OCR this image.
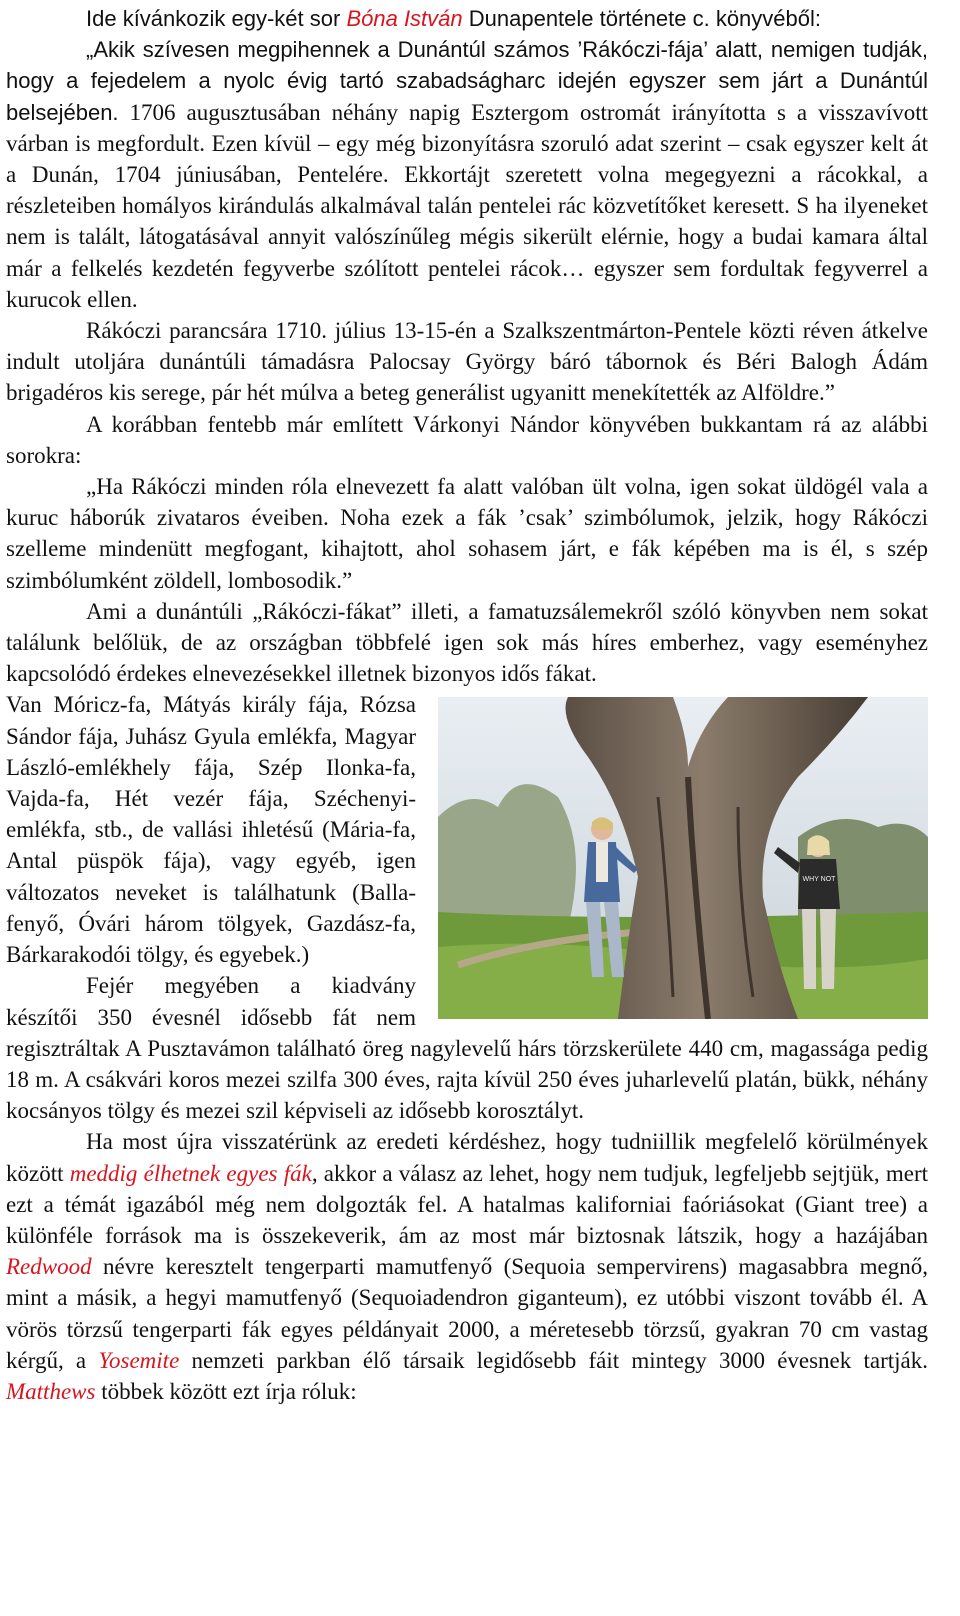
Ide kívánkozik egy-két sor Bóna István Dunapentele története c. könyvéből:

„Akik szívesen megpihennek a Dunántúl számos ’Rákóczi-fája’ alatt, nemigen tudják, hogy a fejedelem a nyolc évig tartó szabadságharc idején egyszer sem járt a Dunántúl belsejében. 1706 augusztusában néhány napig Esztergom ostromát irányította s a visszavívott várban is megfordult. Ezen kívül – egy még bizonyításra szoruló adat szerint – csak egyszer kelt át a Dunán, 1704 júniusában, Pentelére. Ekkortájt szeretett volna megegyezni a rácokkal, a részleteiben homályos kirándulás alkalmával talán pentelei rác közvetítőket keresett. S ha ilyeneket nem is talált, látogatásával annyit valószínűleg mégis sikerült elérnie, hogy a budai kamara által már a felkelés kezdetén fegyverbe szólított pentelei rácok… egyszer sem fordultak fegyverrel a kurucok ellen.

Rákóczi parancsára 1710. július 13-15-én a Szalkszentmárton-Pentele közti réven átkelve indult utoljára dunántúli támadásra Palocsay György báró tábornok és Béri Balogh Ádám brigadéros kis serege, pár hét múlva a beteg generálist ugyanitt menekítették az Alföldre.”

A korábban fentebb már említett Várkonyi Nándor könyvében bukkantam rá az alábbi sorokra:

„Ha Rákóczi minden róla elnevezett fa alatt valóban ült volna, igen sokat üldögél vala a kuruc háborúk zivataros éveiben. Noha ezek a fák ’csak’ szimbólumok, jelzik, hogy Rákóczi szelleme mindenütt megfogant, kihajtott, ahol sohasem járt, e fák képében ma is él, s szép szimbólumként zöldell, lombosodik.”

Ami a dunántúli „Rákóczi-fákat” illeti, a famatuzsálemekről szóló könyvben nem sokat találunk belőlük, de az országban többfelé igen sok más híres emberhez, vagy eseményhez kapcsolódó érdekes elnevezésekkel illetnek bizonyos idős fákat.

WHY NOT

Van Móricz-fa, Mátyás király fája, Rózsa Sándor fája, Juhász Gyula emlékfa, Magyar László-emlékhely fája, Szép Ilonka-fa, Vajda-fa, Hét vezér fája, Széchenyi-emlékfa, stb., de vallási ihletésű (Mária-fa, Antal püspök fája), vagy egyéb, igen változatos neveket is találhatunk (Balla-fenyő, Óvári három tölgyek, Gazdász-fa, Bárkarakodói tölgy, és egyebek.)

Fejér megyében a kiadvány készítői 350 évesnél idősebb fát nem regisztráltak A Pusztavámon található öreg nagylevelű hárs törzskerülete 440 cm, magassága pedig 18 m. A csákvári koros mezei szilfa 300 éves, rajta kívül 250 éves juharlevelű platán, bükk, néhány kocsányos tölgy és mezei szil képviseli az idősebb korosztályt.

Ha most újra visszatérünk az eredeti kérdéshez, hogy tudniillik megfelelő körülmények között meddig élhetnek egyes fák, akkor a válasz az lehet, hogy nem tudjuk, legfeljebb sejtjük, mert ezt a témát igazából még nem dolgozták fel. A hatalmas kaliforniai faóriásokat (Giant tree) a különféle források ma is összekeverik, ám az most már biztosnak látszik, hogy a hazájában Redwood névre keresztelt tengerparti mamutfenyő (Sequoia sempervirens) magasabbra megnő, mint a másik, a hegyi mamutfenyő (Sequoiadendron giganteum), ez utóbbi viszont tovább él. A vörös törzsű tengerparti fák egyes példányait 2000, a méretesebb törzsű, gyakran 70 cm vastag kérgű, a Yosemite nemzeti parkban élő társaik legidősebb fáit mintegy 3000 évesnek tartják. Matthews többek között ezt írja róluk:
